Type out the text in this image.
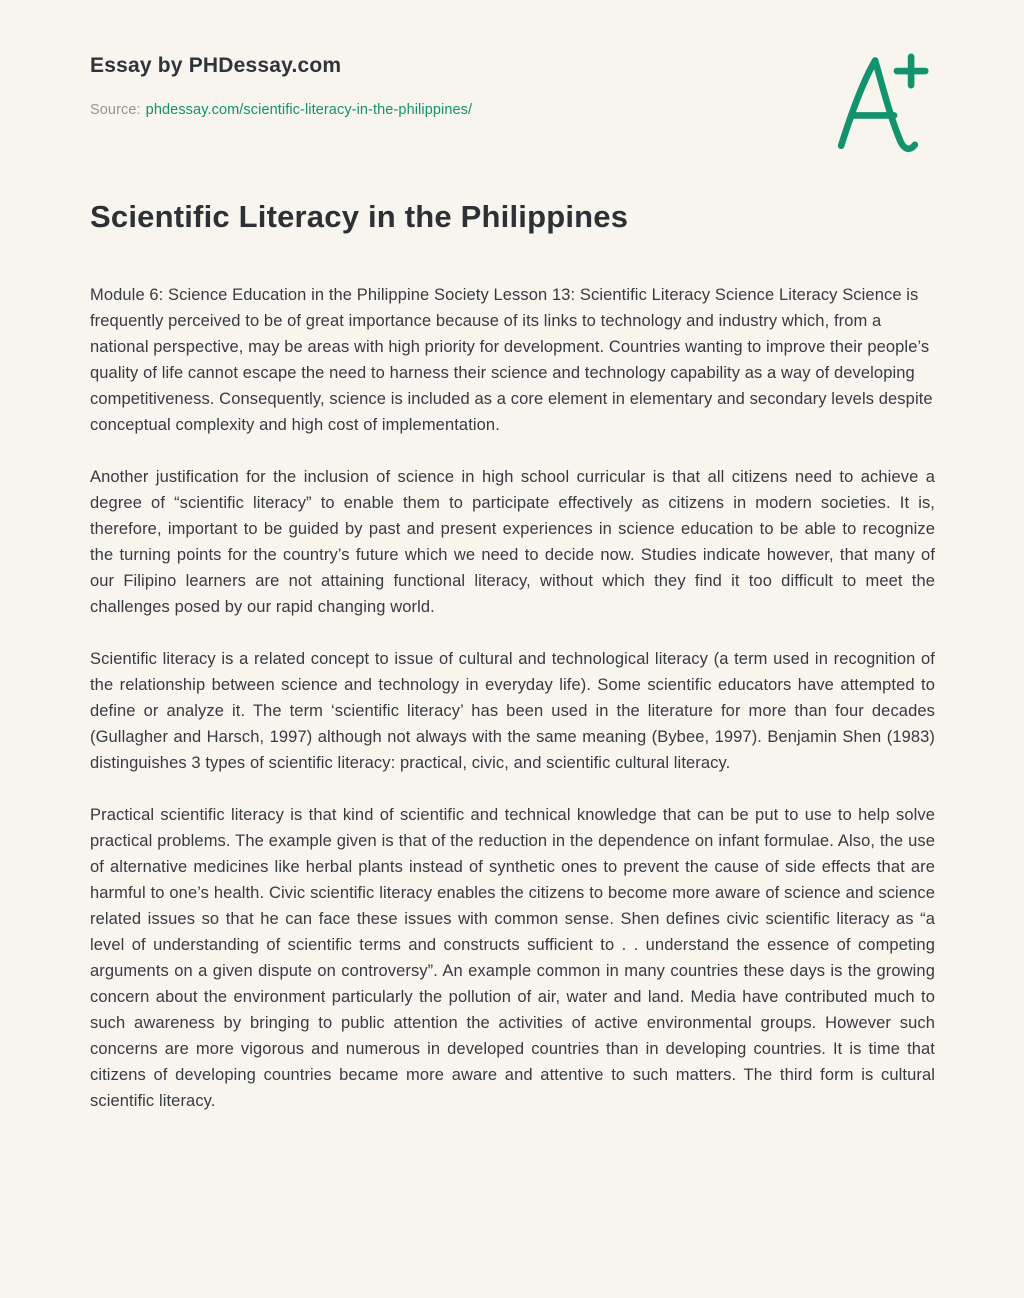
Essay by PHDessay.com
Source: phdessay.com/scientific-literacy-in-the-philippines/
Scientific Literacy in the Philippines

Module 6: Science Education in the Philippine Society Lesson 13: Scientific Literacy Science Literacy Science is frequently perceived to be of great importance because of its links to technology and industry which, from a national perspective, may be areas with high priority for development. Countries wanting to improve their people’s quality of life cannot escape the need to harness their science and technology capability as a way of developing competitiveness. Consequently, science is included as a core element in elementary and secondary levels despite conceptual complexity and high cost of implementation.

Another justification for the inclusion of science in high school curricular is that all citizens need to achieve a degree of “scientific literacy” to enable them to participate effectively as citizens in modern societies. It is, therefore, important to be guided by past and present experiences in science education to be able to recognize the turning points for the country’s future which we need to decide now. Studies indicate however, that many of our Filipino learners are not attaining functional literacy, without which they find it too difficult to meet the challenges posed by our rapid changing world.

Scientific literacy is a related concept to issue of cultural and technological literacy (a term used in recognition of the relationship between science and technology in everyday life). Some scientific educators have attempted to define or analyze it. The term ‘scientific literacy’ has been used in the literature for more than four decades (Gullagher and Harsch, 1997) although not always with the same meaning (Bybee, 1997). Benjamin Shen (1983) distinguishes 3 types of scientific literacy: practical, civic, and scientific cultural literacy.

Practical scientific literacy is that kind of scientific and technical knowledge that can be put to use to help solve practical problems. The example given is that of the reduction in the dependence on infant formulae. Also, the use of alternative medicines like herbal plants instead of synthetic ones to prevent the cause of side effects that are harmful to one’s health. Civic scientific literacy enables the citizens to become more aware of science and science related issues so that he can face these issues with common sense. Shen defines civic scientific literacy as “a level of understanding of scientific terms and constructs sufficient to . . understand the essence of competing arguments on a given dispute on controversy”. An example common in many countries these days is the growing concern about the environment particularly the pollution of air, water and land. Media have contributed much to such awareness by bringing to public attention the activities of active environmental groups. However such concerns are more vigorous and numerous in developed countries than in developing countries. It is time that citizens of developing countries became more aware and attentive to such matters. The third form is cultural scientific literacy.
